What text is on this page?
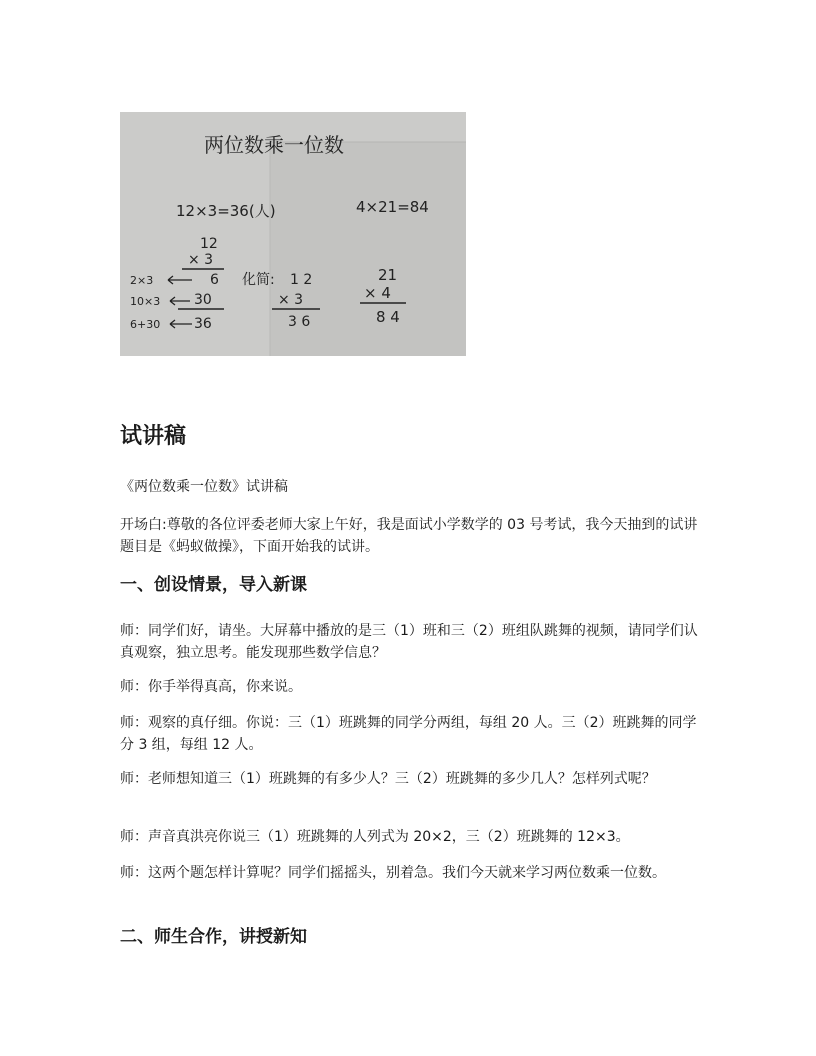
两位数乘一位数
12×3=36(人)	4×21=84
12
× 3
6
30
36
2×3
10×3
6+30
化简: 1 2
× 3
3 6
21
× 4
8 4
试讲稿

《两位数乘一位数》试讲稿

开场白:尊敬的各位评委老师大家上午好，我是面试小学数学的 03 号考试，我今天抽到的试讲题目是《蚂蚁做操》，下面开始我的试讲。

一、创设情景，导入新课

师：同学们好，请坐。大屏幕中播放的是三（1）班和三（2）班组队跳舞的视频，请同学们认真观察，独立思考。能发现那些数学信息？

师：你手举得真高，你来说。

师：观察的真仔细。你说：三（1）班跳舞的同学分两组，每组 20 人。三（2）班跳舞的同学分 3 组，每组 12 人。

师：老师想知道三（1）班跳舞的有多少人？三（2）班跳舞的多少几人？怎样列式呢？

师：声音真洪亮你说三（1）班跳舞的人列式为 20×2，三（2）班跳舞的 12×3。

师：这两个题怎样计算呢？同学们摇摇头，别着急。我们今天就来学习两位数乘一位数。

二、师生合作，讲授新知
